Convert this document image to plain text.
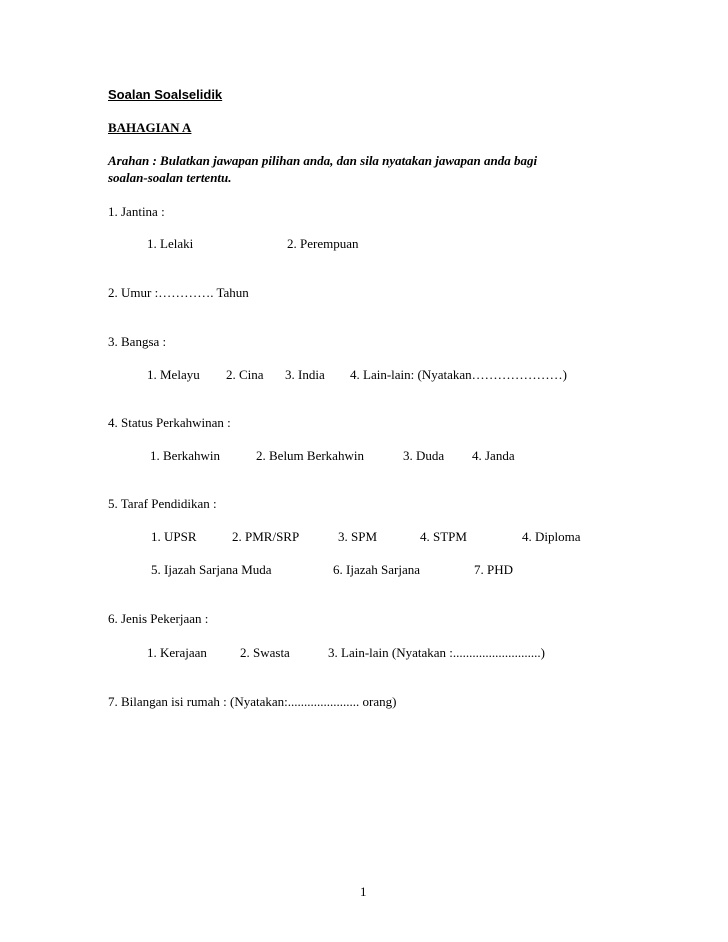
Soalan Soalselidik
BAHAGIAN A
Arahan : Bulatkan jawapan pilihan anda, dan sila nyatakan jawapan anda bagi
soalan-soalan tertentu.
1. Jantina :
1. Lelaki	2. Perempuan
2. Umur :…………. Tahun
3. Bangsa :
1. Melayu 2. Cina 3. India 4. Lain-lain: (Nyatakan…………………)
4. Status Perkahwinan :
1. Berkahwin	2. Belum Berkahwin	3. Duda 4. Janda
5. Taraf Pendidikan :
1. UPSR	2. PMR/SRP	3. SPM	4. STPM	4. Diploma
5. Ijazah Sarjana Muda	6. Ijazah Sarjana	7. PHD
6. Jenis Pekerjaan :
1. Kerajaan	2. Swasta	3. Lain-lain (Nyatakan :...........................)
7. Bilangan isi rumah : (Nyatakan:...................... orang)
1
